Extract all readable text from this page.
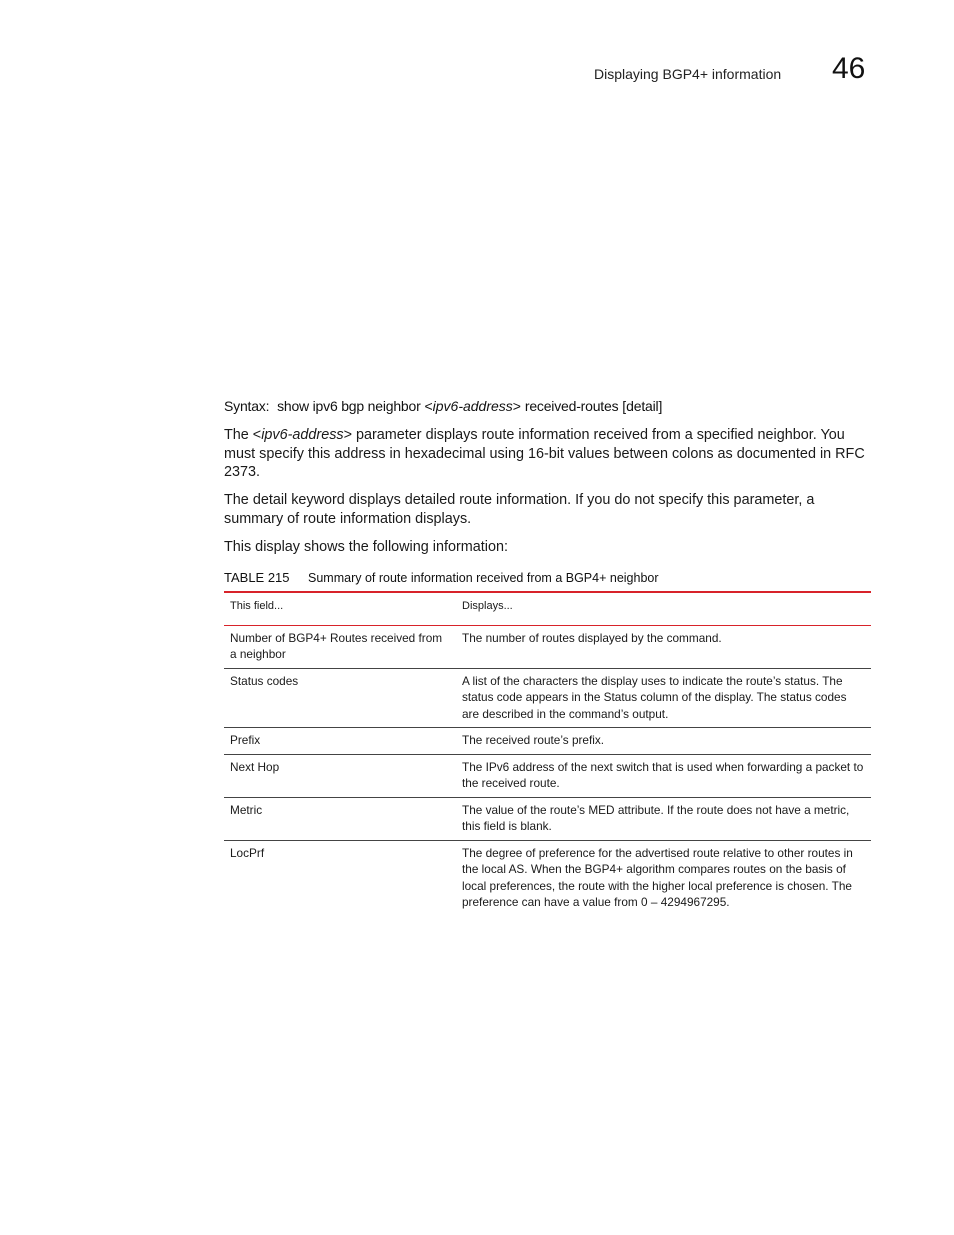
Displaying BGP4+ information 46
Syntax: show ipv6 bgp neighbor <ipv6-address> received-routes [detail]

The <ipv6-address> parameter displays route information received from a specified neighbor. You must specify this address in hexadecimal using 16-bit values between colons as documented in RFC 2373.

The detail keyword displays detailed route information. If you do not specify this parameter, a summary of route information displays.

This display shows the following information:

TABLE 215 Summary of route information received from a BGP4+ neighbor
This field...	Displays...
Number of BGP4+ Routes received from a neighbor	The number of routes displayed by the command.
Status codes	A list of the characters the display uses to indicate the route’s status. The status code appears in the Status column of the display. The status codes are described in the command’s output.
Prefix	The received route’s prefix.
Next Hop	The IPv6 address of the next switch that is used when forwarding a packet to the received route.
Metric	The value of the route’s MED attribute. If the route does not have a metric, this field is blank.
LocPrf	The degree of preference for the advertised route relative to other routes in the local AS. When the BGP4+ algorithm compares routes on the basis of local preferences, the route with the higher local preference is chosen. The preference can have a value from 0 – 4294967295.
